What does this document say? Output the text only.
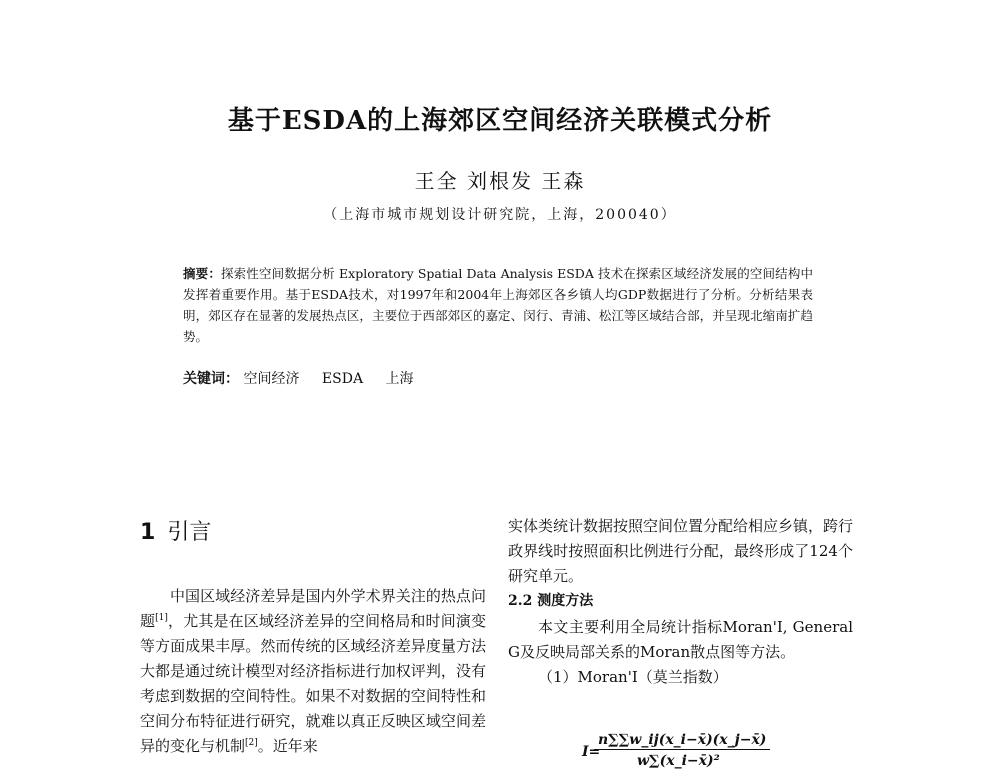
基于ESDA的上海郊区空间经济关联模式分析
王全 刘根发 王森
（上海市城市规划设计研究院，上海，200040）
摘要：探索性空间数据分析 Exploratory Spatial Data Analysis ESDA 技术在探索区域经济发展的空间结构中发挥着重要作用。基于ESDA技术，对1997年和2004年上海郊区各乡镇人均GDP数据进行了分析。分析结果表明，郊区存在显著的发展热点区，主要位于西部郊区的嘉定、闵行、青浦、松江等区域结合部，并呈现北缩南扩趋势。
关键词： 空间经济 ESDA 上海
1 引言

中国区域经济差异是国内外学术界关注的热点问题[1]，尤其是在区域经济差异的空间格局和时间演变等方面成果丰厚。然而传统的区域经济差异度量方法大都是通过统计模型对经济指标进行加权评判，没有考虑到数据的空间特性。如果不对数据的空间特性和空间分布特征进行研究，就难以真正反映区域空间差异的变化与机制[2]。近年来

实体类统计数据按照空间位置分配给相应乡镇，跨行政界线时按照面积比例进行分配，最终形成了124个研究单元。

2.2 测度方法

本文主要利用全局统计指标Moran'I, General G及反映局部关系的Moran散点图等方法。

（1）Moran'I（莫兰指数）
I=
n∑∑w_ij(x_i−x̄)(x_j−x̄)
w∑(x_i−x̄)²
